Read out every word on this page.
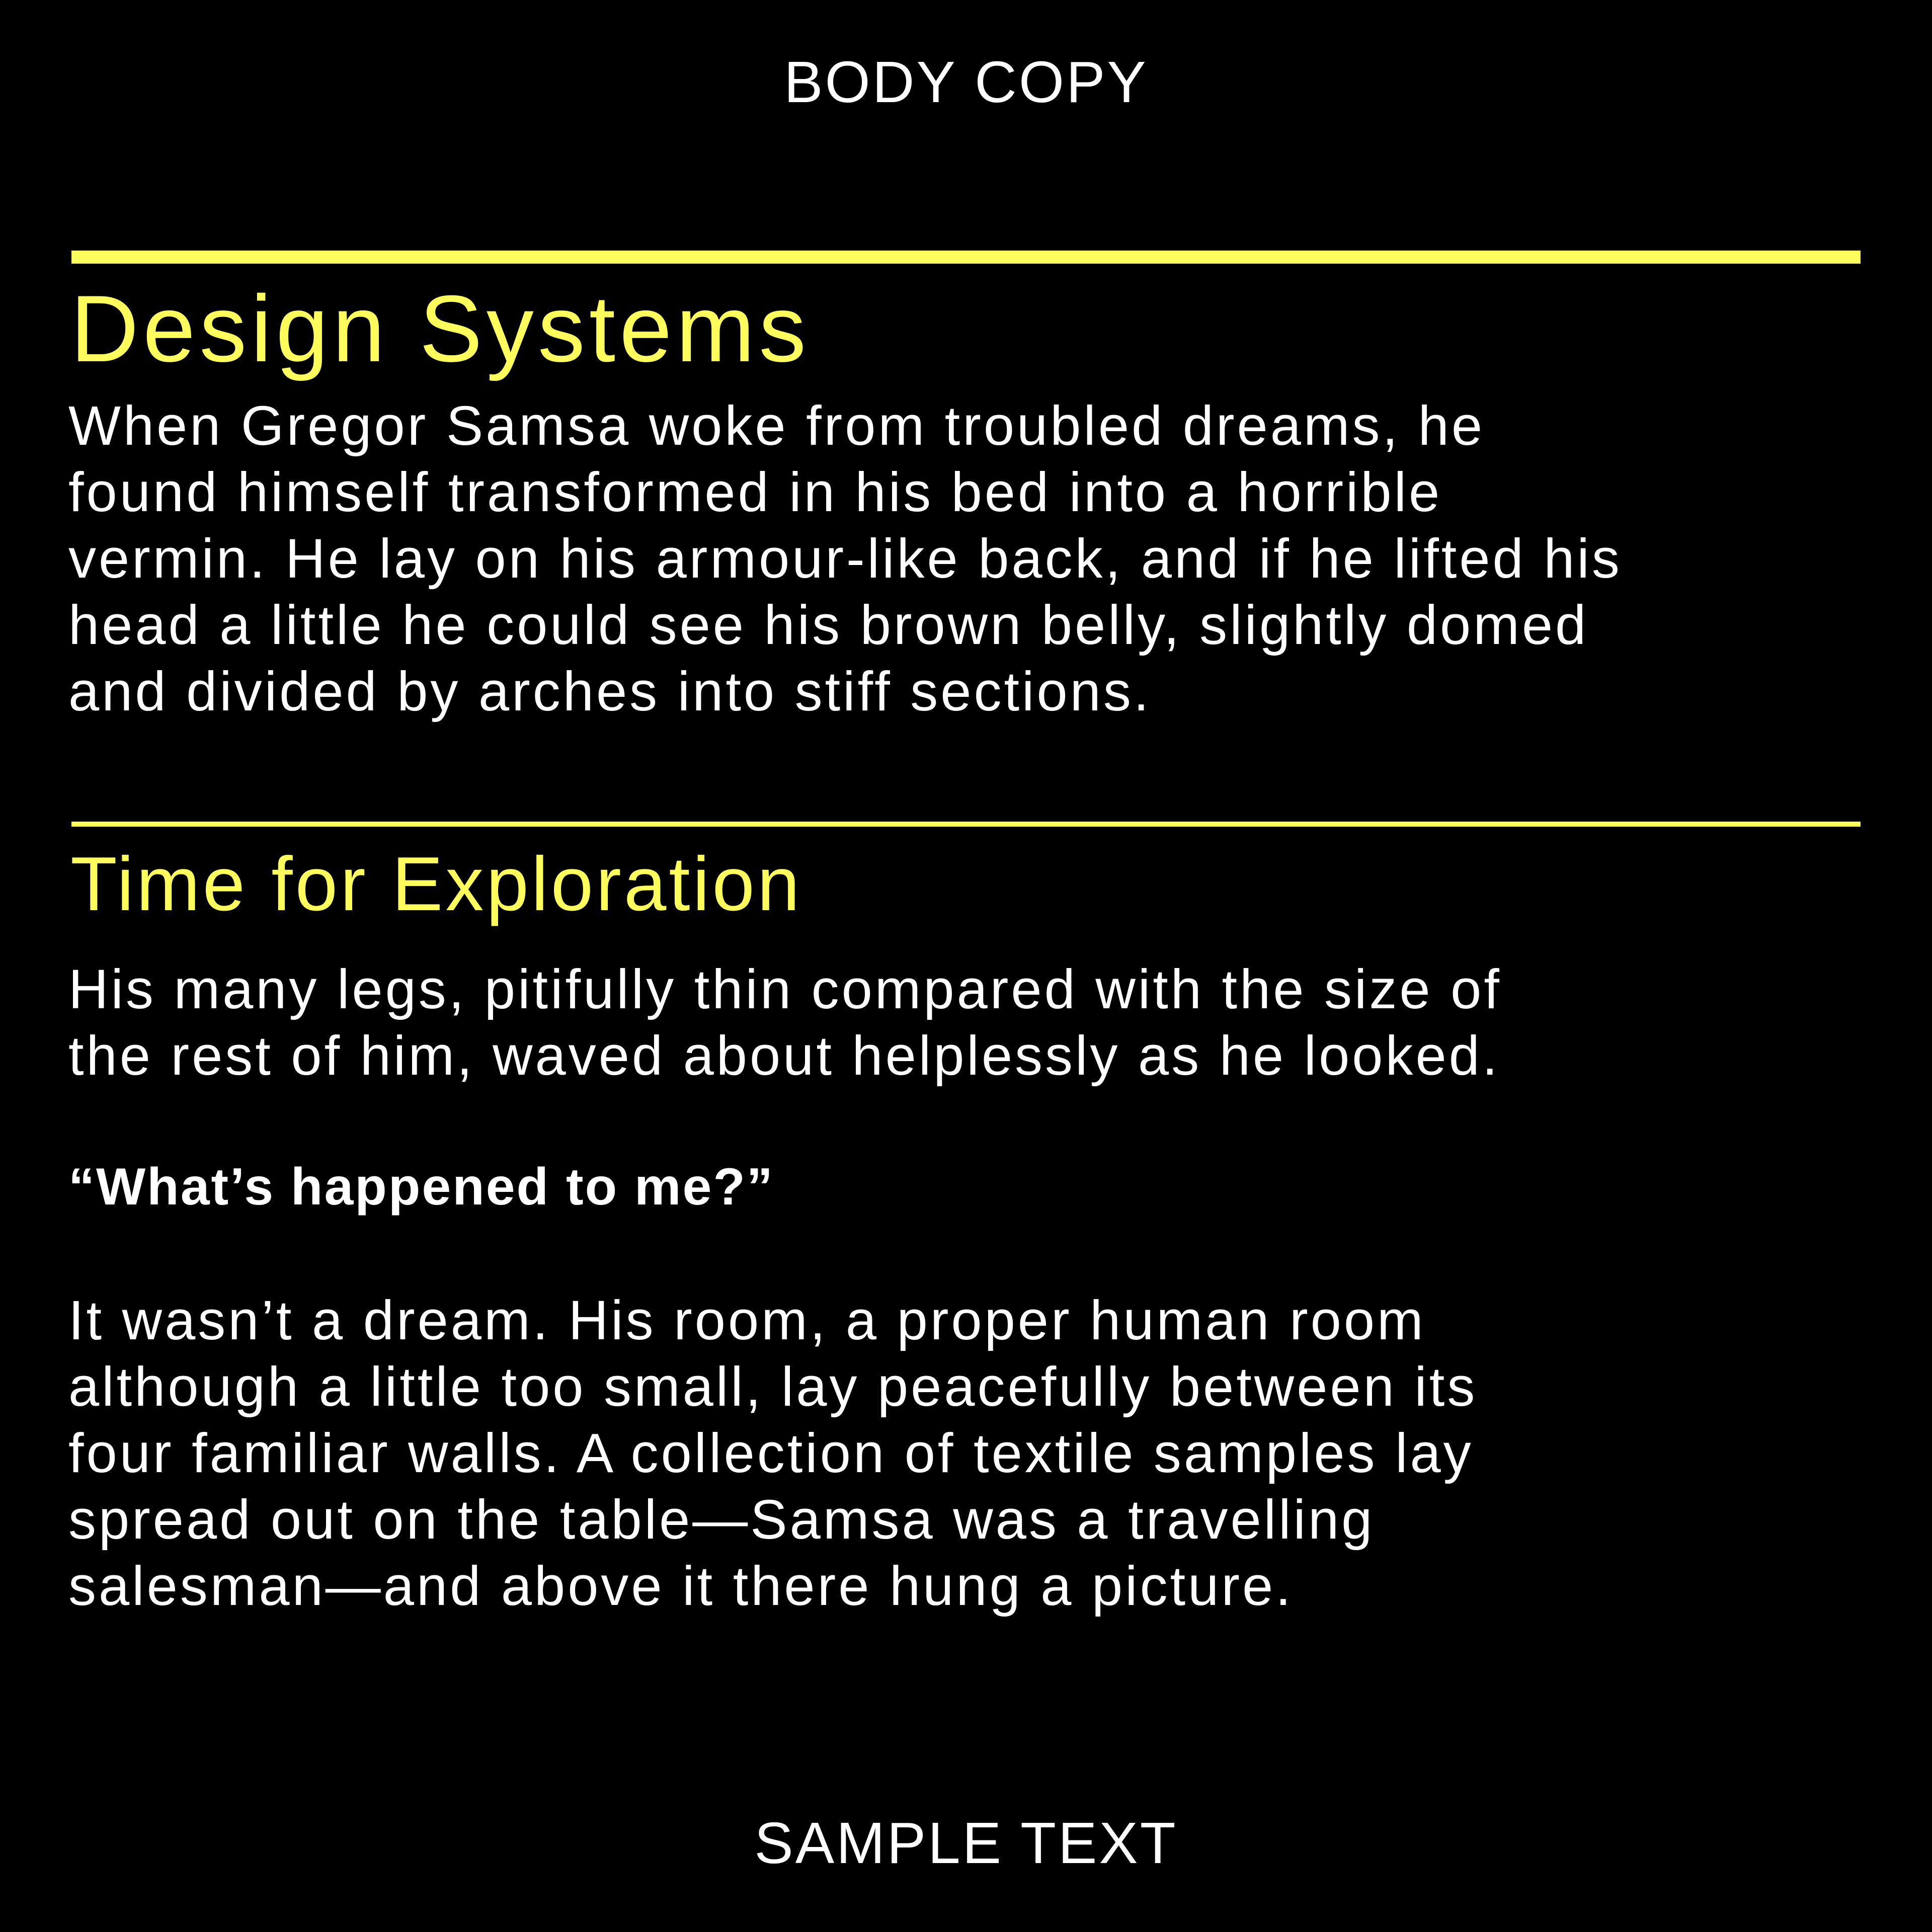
BODY COPY
Design Systems
When Gregor Samsa woke from troubled dreams, he
found himself transformed in his bed into a horrible
vermin. He lay on his armour-like back, and if he lifted his
head a little he could see his brown belly, slightly domed
and divided by arches into stiff sections.
Time for Exploration
His many legs, pitifully thin compared with the size of
the rest of him, waved about helplessly as he looked.
“What’s happened to me?”
It wasn’t a dream. His room, a proper human room
although a little too small, lay peacefully between its
four familiar walls. A collection of textile samples lay
spread out on the table—Samsa was a travelling
salesman—and above it there hung a picture.
SAMPLE TEXT
